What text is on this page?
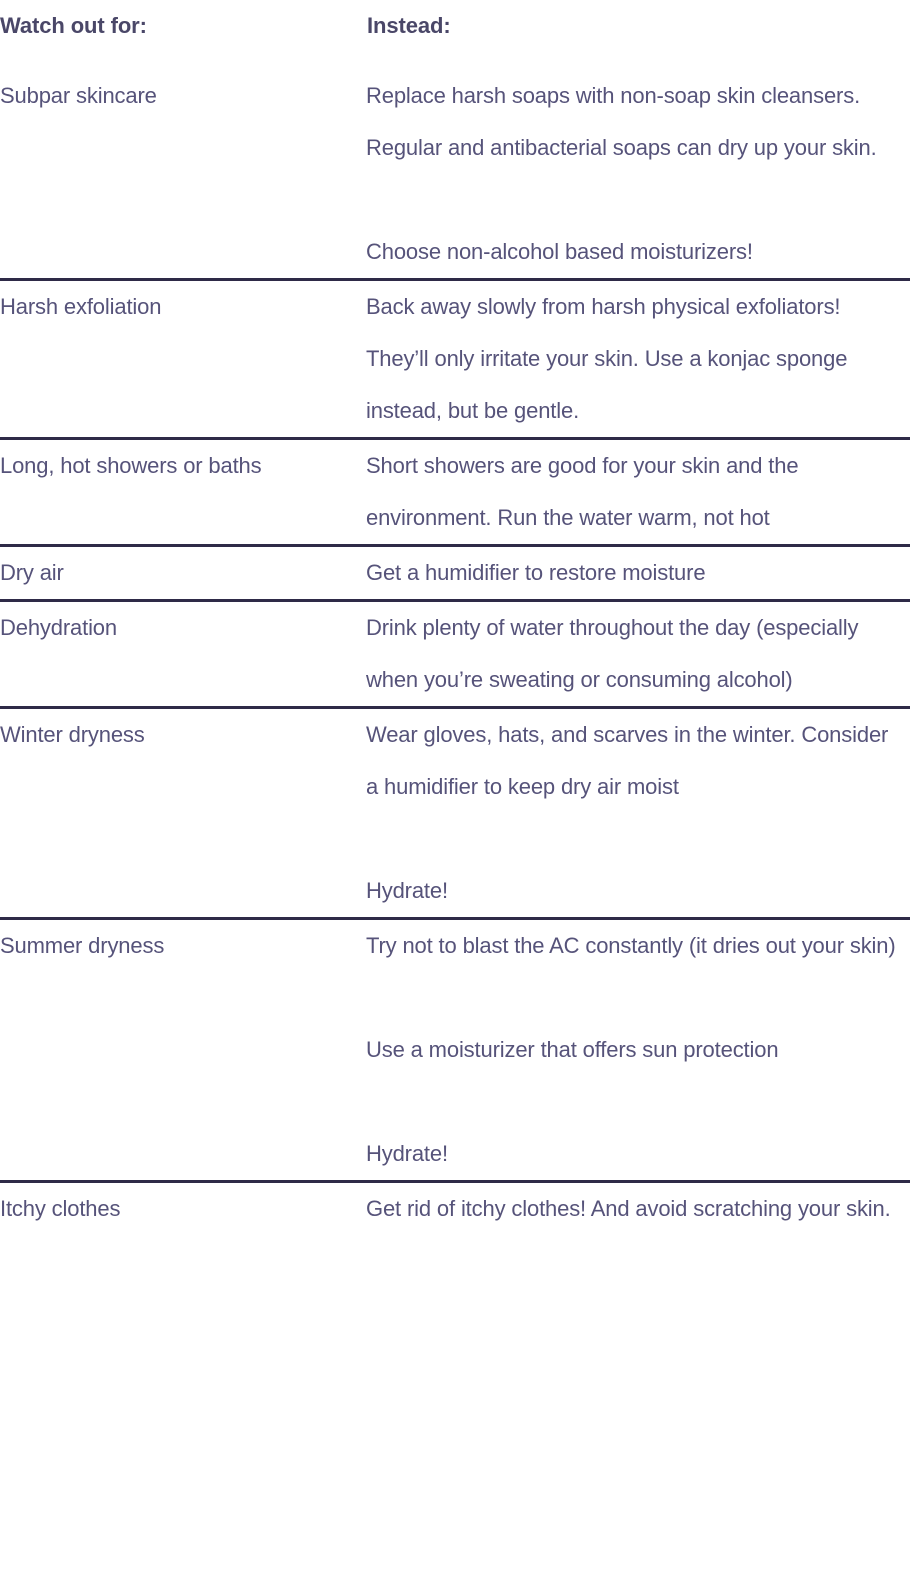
Watch out for:	Instead:
Subpar skincare	Replace harsh soaps with non-soap skin cleansers. Regular and antibacterial soaps can dry up your skin.
Choose non-alcohol based moisturizers!

Harsh exfoliation	Back away slowly from harsh physical exfoliators! They’ll only irritate your skin. Use a konjac sponge instead, but be gentle.

Long, hot showers or baths	Short showers are good for your skin and the environment. Run the water warm, not hot

Dry air	Get a humidifier to restore moisture

Dehydration	Drink plenty of water throughout the day (especially when you’re sweating or consuming alcohol)

Winter dryness	Wear gloves, hats, and scarves in the winter. Consider a humidifier to keep dry air moist
Hydrate!

Summer dryness	Try not to blast the AC constantly (it dries out your skin)
Use a moisturizer that offers sun protection
Hydrate!

Itchy clothes	Get rid of itchy clothes! And avoid scratching your skin.
